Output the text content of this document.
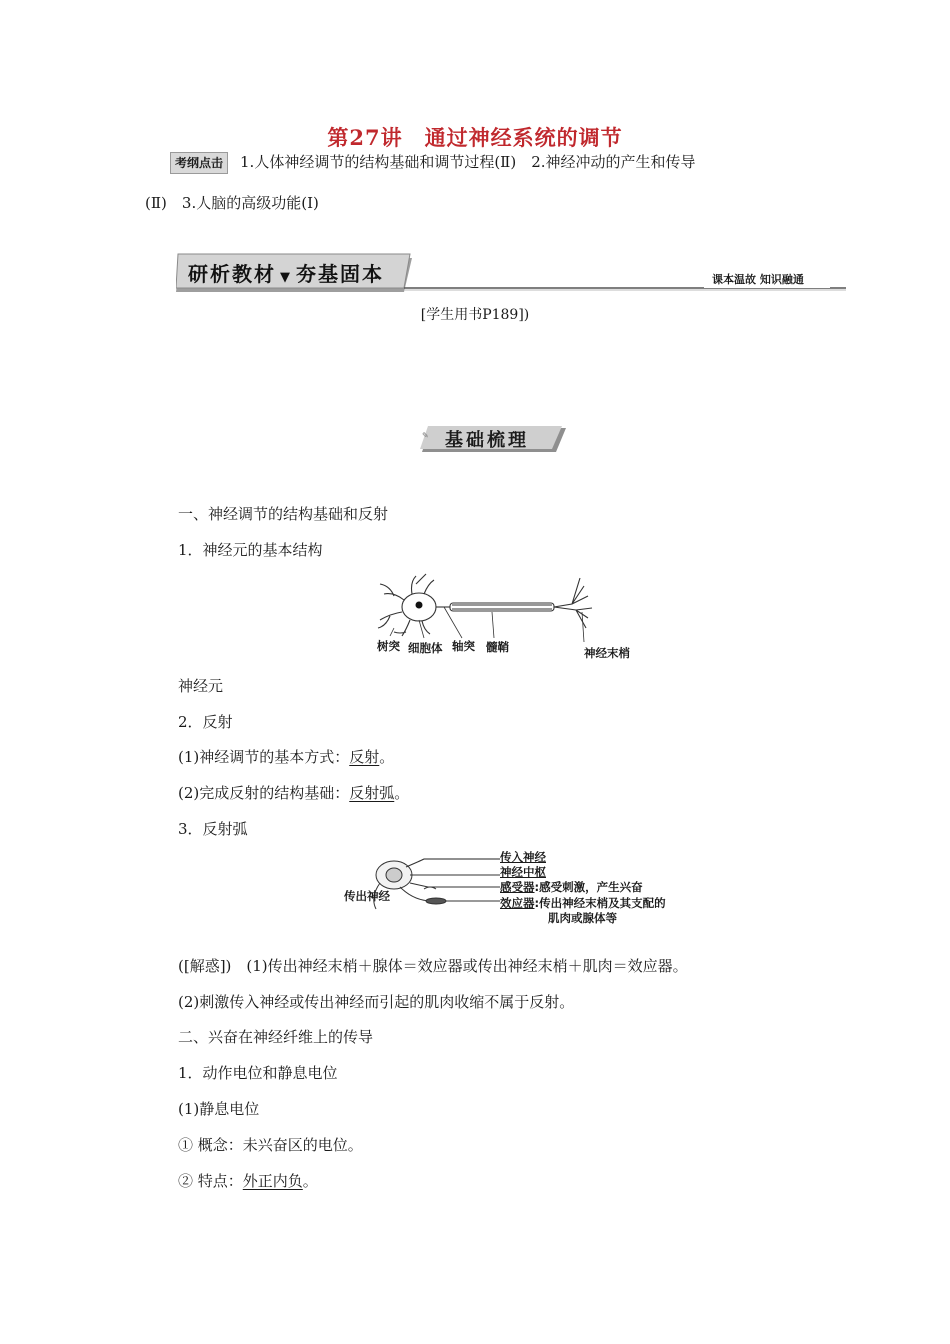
第27讲　通过神经系统的调节
考纲点击 1.人体神经调节的结构基础和调节过程(Ⅱ)　2.神经冲动的产生和传导
(Ⅱ)　3.人脑的高级功能(Ⅰ)
研析教材 ▼ 夯基固本	课本温故 知识融通
[学生用书P189])
✎ 基础梳理
一、神经调节的结构基础和反射
1．神经元的基本结构
树突 细胞体 轴突 髓鞘	神经末梢
神经元
2．反射
(1)神经调节的基本方式：反射。
(2)完成反射的结构基础：反射弧。
3．反射弧
传入神经
神经中枢
感受器:感受刺激，产生兴奋
效应器:传出神经末梢及其支配的
肌肉或腺体等
传出神经
([解惑])　(1)传出神经末梢＋腺体＝效应器或传出神经末梢＋肌肉＝效应器。
(2)刺激传入神经或传出神经而引起的肌肉收缩不属于反射。
二、兴奋在神经纤维上的传导
1．动作电位和静息电位
(1)静息电位
① 概念：未兴奋区的电位。
② 特点：外正内负。
